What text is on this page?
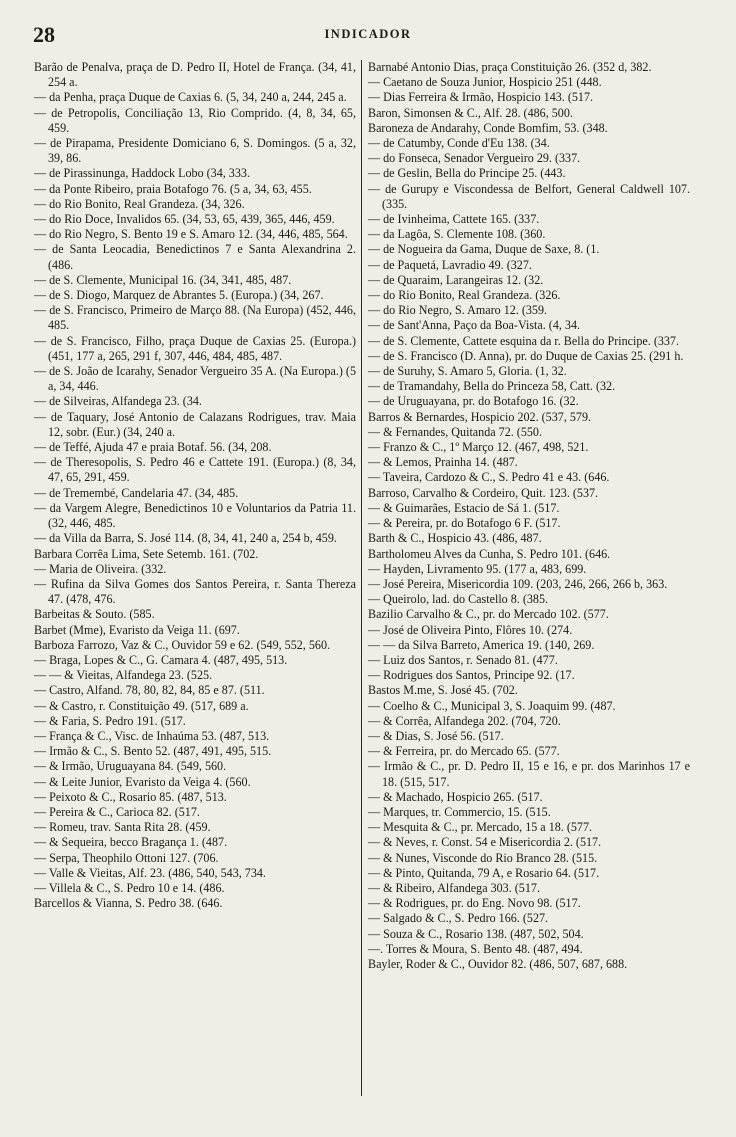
28	INDICADOR
Barão de Penalva, praça de D. Pedro II, Hotel de França. (34, 41, 254 a.
— da Penha, praça Duque de Caxias 6. (5, 34, 240 a, 244, 245 a.
— de Petropolis, Conciliação 13, Rio Comprido. (4, 8, 34, 65, 459.
— de Pirapama, Presidente Domiciano 6, S. Domingos. (5 a, 32, 39, 86.
— de Pirassinunga, Haddock Lobo (34, 333.
— da Ponte Ribeiro, praia Botafogo 76. (5 a, 34, 63, 455.
— do Rio Bonito, Real Grandeza. (34, 326.
— do Rio Doce, Invalidos 65. (34, 53, 65, 439, 365, 446, 459.
— do Rio Negro, S. Bento 19 e S. Amaro 12. (34, 446, 485, 564.
— de Santa Leocadia, Benedictinos 7 e Santa Alexandrina 2. (486.
— de S. Clemente, Municipal 16. (34, 341, 485, 487.
— de S. Diogo, Marquez de Abrantes 5. (Europa.) (34, 267.
— de S. Francisco, Primeiro de Março 88. (Na Europa) (452, 446, 485.
— de S. Francisco, Filho, praça Duque de Caxias 25. (Europa.) (451, 177 a, 265, 291 f, 307, 446, 484, 485, 487.
— de S. João de Icarahy, Senador Vergueiro 35 A. (Na Europa.) (5 a, 34, 446.
— de Silveiras, Alfandega 23. (34.
— de Taquary, José Antonio de Calazans Rodrigues, trav. Maia 12, sobr. (Eur.) (34, 240 a.
— de Teffé, Ajuda 47 e praia Botaf. 56. (34, 208.
— de Theresopolis, S. Pedro 46 e Cattete 191. (Europa.) (8, 34, 47, 65, 291, 459.
— de Tremembé, Candelaria 47. (34, 485.
— da Vargem Alegre, Benedictinos 10 e Voluntarios da Patria 11. (32, 446, 485.
— da Villa da Barra, S. José 114. (8, 34, 41, 240 a, 254 b, 459.
Barbara Corrêa Lima, Sete Setemb. 161. (702.
— Maria de Oliveira. (332.
— Rufina da Silva Gomes dos Santos Pereira, r. Santa Thereza 47. (478, 476.
Barbeitas & Souto. (585.
Barbet (Mme), Evaristo da Veiga 11. (697.
Barboza Farrozo, Vaz & C., Ouvidor 59 e 62. (549, 552, 560.
— Braga, Lopes & C., G. Camara 4. (487, 495, 513.
— — & Vieitas, Alfandega 23. (525.
— Castro, Alfand. 78, 80, 82, 84, 85 e 87. (511.
— & Castro, r. Constituição 49. (517, 689 a.
— & Faria, S. Pedro 191. (517.
— França & C., Visc. de Inhaúma 53. (487, 513.
— Irmão & C., S. Bento 52. (487, 491, 495, 515.
— & Irmão, Uruguayana 84. (549, 560.
— & Leite Junior, Evaristo da Veiga 4. (560.
— Peixoto & C., Rosario 85. (487, 513.
— Pereira & C., Carioca 82. (517.
— Romeu, trav. Santa Rita 28. (459.
— & Sequeira, becco Bragança 1. (487.
— Serpa, Theophilo Ottoni 127. (706.
— Valle & Vieitas, Alf. 23. (486, 540, 543, 734.
— Villela & C., S. Pedro 10 e 14. (486.
Barcellos & Vianna, S. Pedro 38. (646.
Barnabé Antonio Dias, praça Constituição 26. (352 d, 382.
— Caetano de Souza Junior, Hospicio 251 (448.
— Dias Ferreira & Irmão, Hospicio 143. (517.
Baron, Simonsen & C., Alf. 28. (486, 500.
Baroneza de Andarahy, Conde Bomfim, 53. (348.
— de Catumby, Conde d'Eu 138. (34.
— do Fonseca, Senador Vergueiro 29. (337.
— de Geslin, Bella do Principe 25. (443.
— de Gurupy e Viscondessa de Belfort, General Caldwell 107. (335.
— de Ivinheima, Cattete 165. (337.
— da Lagôa, S. Clemente 108. (360.
— de Nogueira da Gama, Duque de Saxe, 8. (1.
— de Paquetá, Lavradio 49. (327.
— de Quaraim, Larangeiras 12. (32.
— do Rio Bonito, Real Grandeza. (326.
— do Rio Negro, S. Amaro 12. (359.
— de Sant'Anna, Paço da Boa-Vista. (4, 34.
— de S. Clemente, Cattete esquina da r. Bella do Principe. (337.
— de S. Francisco (D. Anna), pr. do Duque de Caxias 25. (291 h.
— de Suruhy, S. Amaro 5, Gloria. (1, 32.
— de Tramandahy, Bella do Princeza 58, Catt. (32.
— de Uruguayana, pr. do Botafogo 16. (32.
Barros & Bernardes, Hospicio 202. (537, 579.
— & Fernandes, Quitanda 72. (550.
— Franzo & C., 1º Março 12. (467, 498, 521.
— & Lemos, Prainha 14. (487.
— Taveira, Cardozo & C., S. Pedro 41 e 43. (646.
Barroso, Carvalho & Cordeiro, Quit. 123. (537.
— & Guimarães, Estacio de Sá 1. (517.
— & Pereira, pr. do Botafogo 6 F. (517.
Barth & C., Hospicio 43. (486, 487.
Bartholomeu Alves da Cunha, S. Pedro 101. (646.
— Hayden, Livramento 95. (177 a, 483, 699.
— José Pereira, Misericordia 109. (203, 246, 266, 266 b, 363.
— Queirolo, lad. do Castello 8. (385.
Bazilio Carvalho & C., pr. do Mercado 102. (577.
— José de Oliveira Pinto, Flôres 10. (274.
— — da Silva Barreto, America 19. (140, 269.
— Luiz dos Santos, r. Senado 81. (477.
— Rodrigues dos Santos, Principe 92. (17.
Bastos M.me, S. José 45. (702.
— Coelho & C., Municipal 3, S. Joaquim 99. (487.
— & Corrêa, Alfandega 202. (704, 720.
— & Dias, S. José 56. (517.
— & Ferreira, pr. do Mercado 65. (577.
— Irmão & C., pr. D. Pedro II, 15 e 16, e pr. dos Marinhos 17 e 18. (515, 517.
— & Machado, Hospicio 265. (517.
— Marques, tr. Commercio, 15. (515.
— Mesquita & C., pr. Mercado, 15 a 18. (577.
— & Neves, r. Const. 54 e Misericordia 2. (517.
— & Nunes, Visconde do Rio Branco 28. (515.
— & Pinto, Quitanda, 79 A, e Rosario 64. (517.
— & Ribeiro, Alfandega 303. (517.
— & Rodrigues, pr. do Eng. Novo 98. (517.
— Salgado & C., S. Pedro 166. (527.
— Souza & C., Rosario 138. (487, 502, 504.
—. Torres & Moura, S. Bento 48. (487, 494.
Bayler, Roder & C., Ouvidor 82. (486, 507, 687, 688.
